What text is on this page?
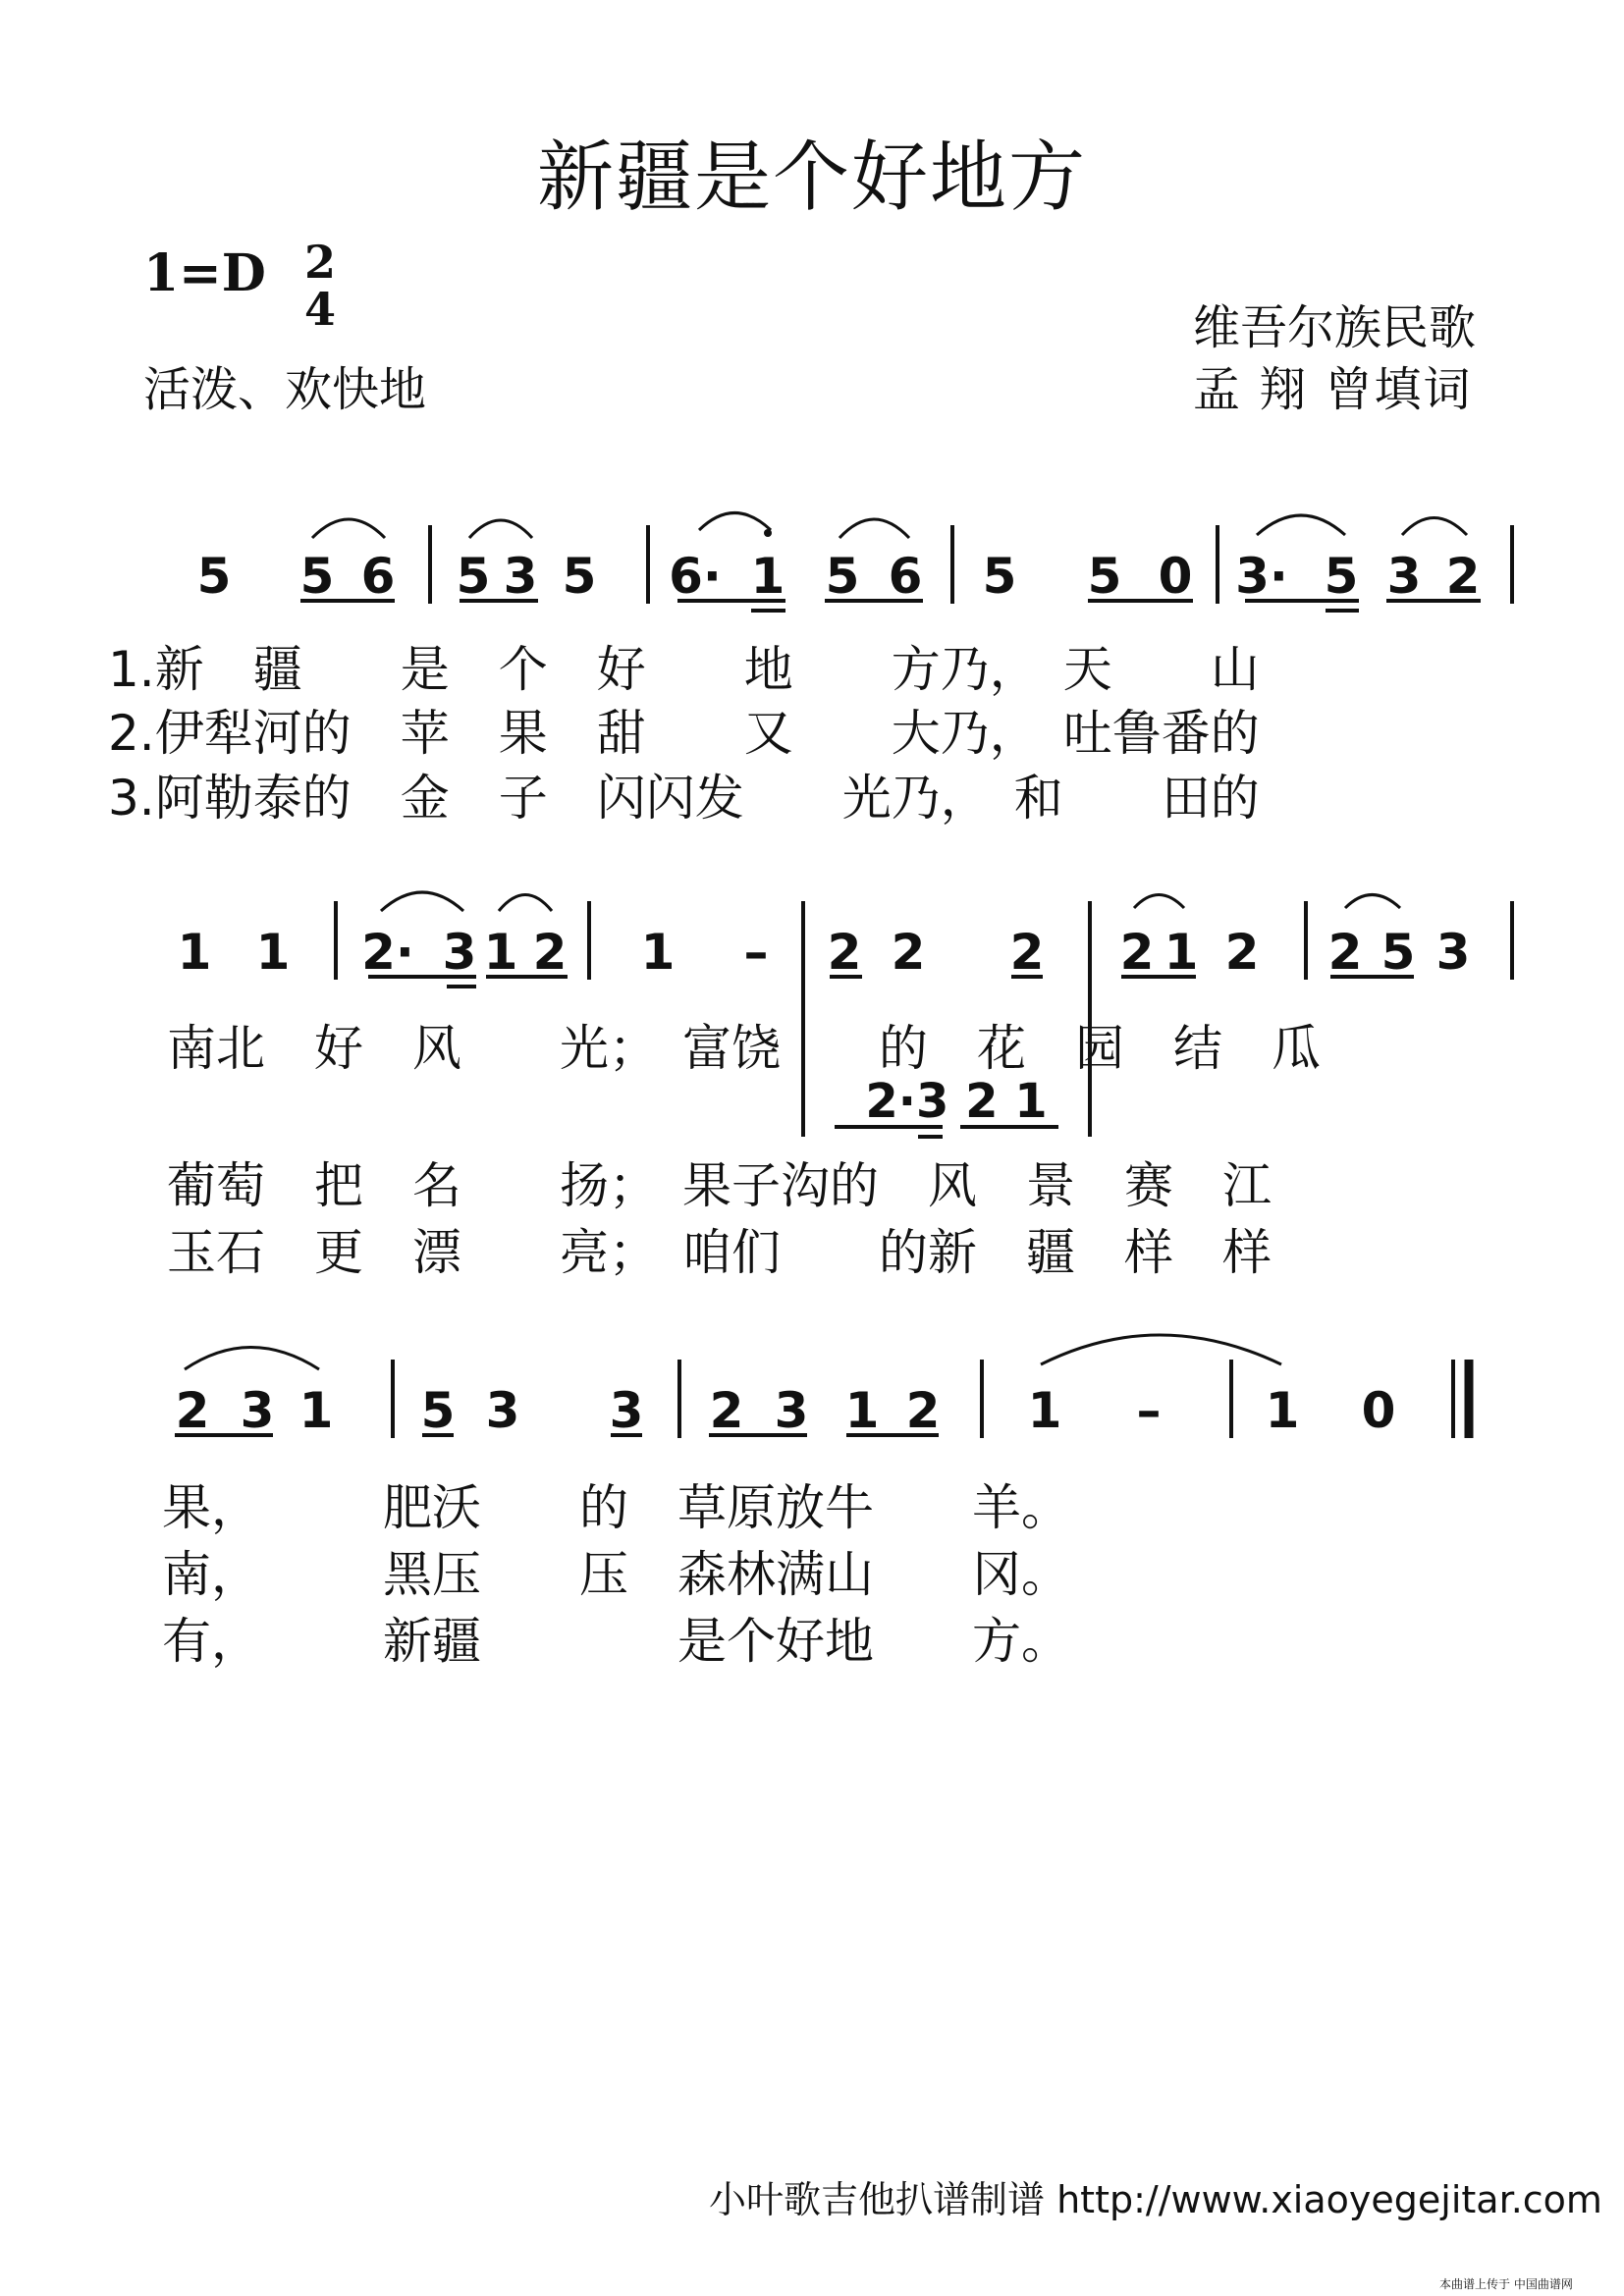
新疆是个好地方
1=D 2
4
活泼、欢快地
维吾尔族民歌
孟 翔 曾填词
5 5 6 5 3 5 6· 1 5 6 5 5 0 3· 5 3 2
1.新　疆　　是　个　好　　地　　方乃，　天　　山
2.伊犁河的　苹　果　甜　　又　　大乃，　吐鲁番的
3.阿勒泰的　金　子　闪闪发　　光乃，　和　　田的
1 1 2· 3 1 2 1 – 2 2 2 2 1 2 2 5 3
南北　好　风　　光；　富饶　　的　花　园　结　瓜
2·3 2 1
葡萄　把　名　　扬；　果子沟的　风　景　赛　江
玉石　更　漂　　亮；　咱们　　的新　疆　样　样
2 3 1 5 3 3 2 3 1 2 1 – 1 0
果，　　　肥沃　　的　草原放牛　　羊。
南，　　　黑压　　压　森林满山　　冈。
有，　　　新疆　　　　是个好地　　方。
小叶歌吉他扒谱制谱 http://www.xiaoyegejitar.com
本曲谱上传于 中国曲谱网
